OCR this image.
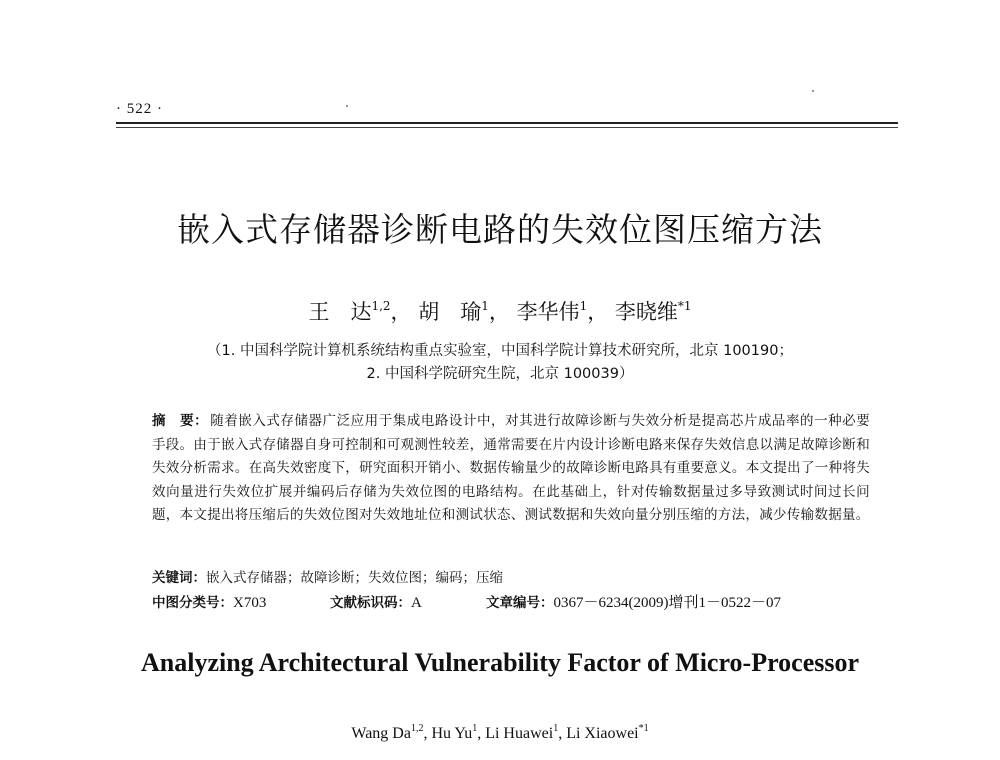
· 522 ·
嵌入式存储器诊断电路的失效位图压缩方法
王　达$^{1,2}$， 胡　瑜$^1$， 李华伟$^1$， 李晓维$^{*1}$
（1. 中国科学院计算机系统结构重点实验室，中国科学院计算技术研究所，北京 100190；
2. 中国科学院研究生院，北京 100039）
摘　要： 随着嵌入式存储器广泛应用于集成电路设计中，对其进行故障诊断与失效分析是提高芯片成品率的一种必要手段。由于嵌入式存储器自身可控制和可观测性较差，通常需要在片内设计诊断电路来保存失效信息以满足故障诊断和失效分析需求。在高失效密度下，研究面积开销小、数据传输量少的故障诊断电路具有重要意义。本文提出了一种将失效向量进行失效位扩展并编码后存储为失效位图的电路结构。在此基础上，针对传输数据量过多导致测试时间过长问题，本文提出将压缩后的失效位图对失效地址位和测试状态、测试数据和失效向量分别压缩的方法，减少传输数据量。
关键词：嵌入式存储器；故障诊断；失效位图；编码；压缩
中图分类号：X703	文献标识码：A	文章编号：0367－6234(2009)增刊1－0522－07
Analyzing Architectural Vulnerability Factor of Micro-Processor
Wang Da$^{1,2}$, Hu Yu$^1$, Li Huawei$^1$, Li Xiaowei$^{*1}$
